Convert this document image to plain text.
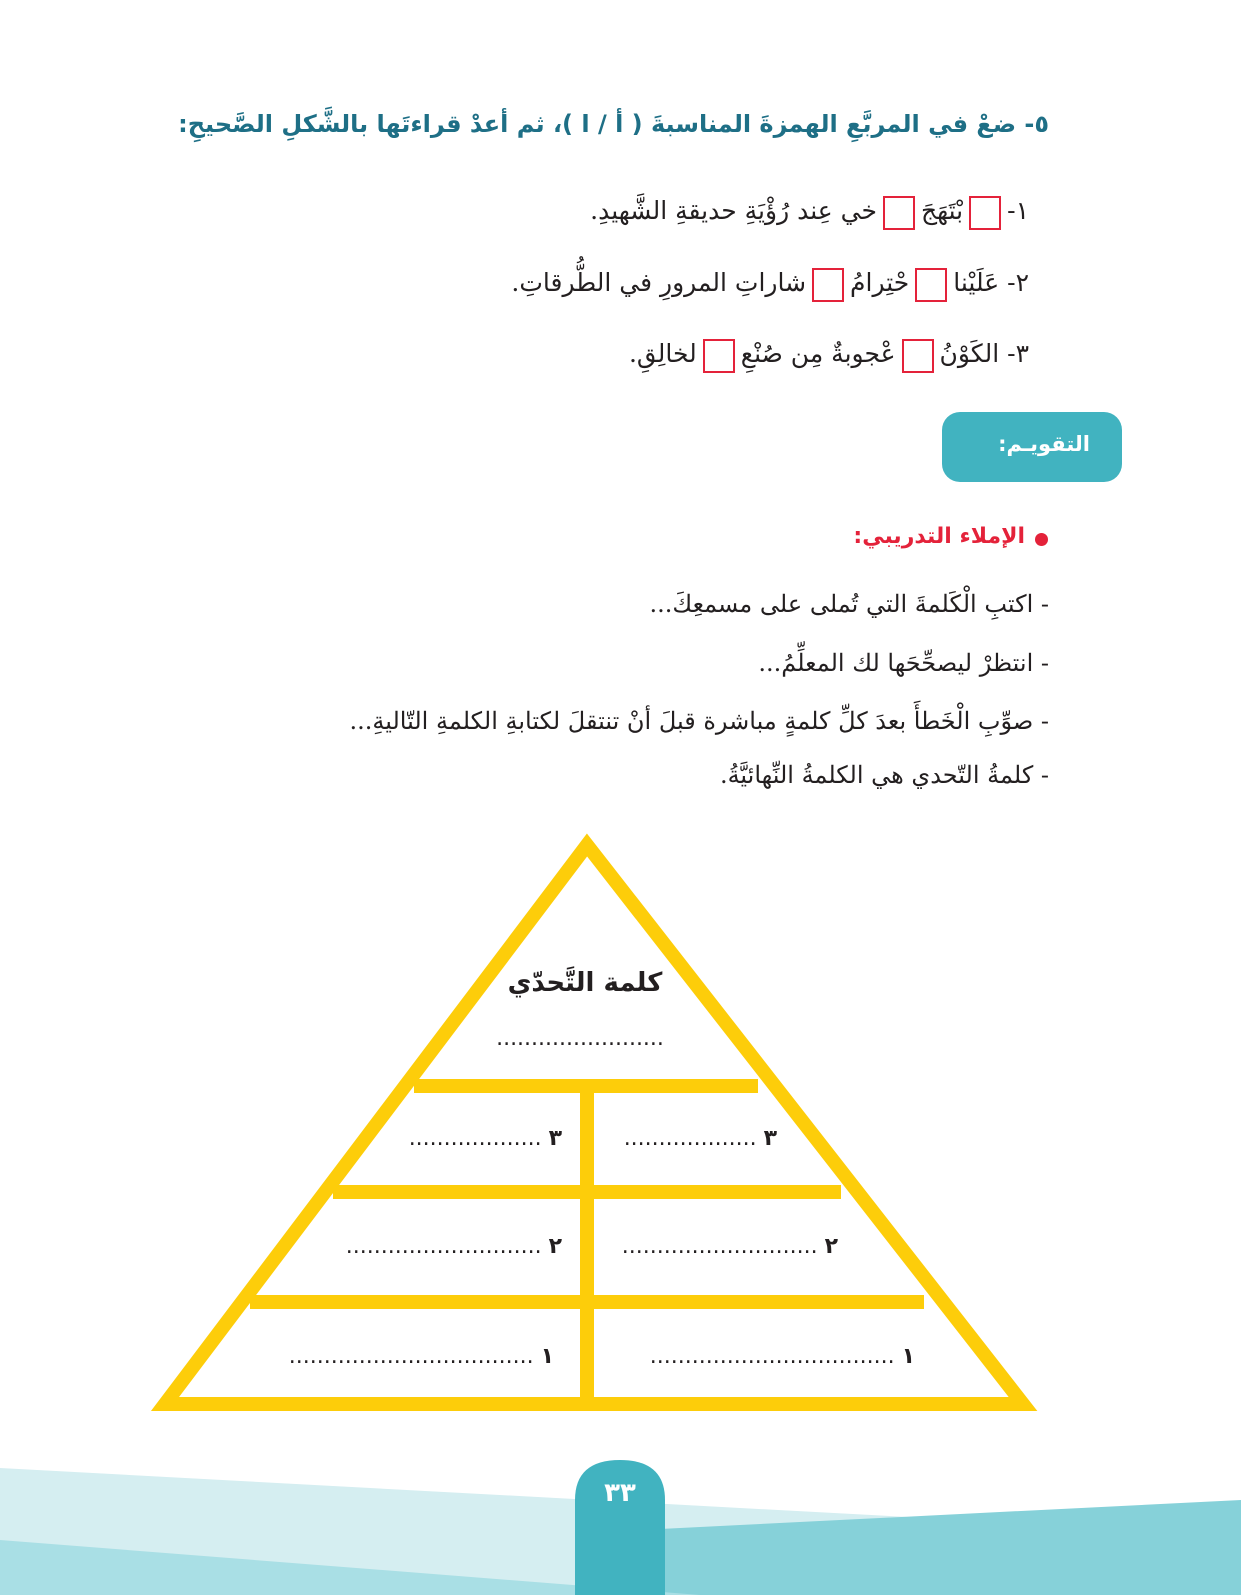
٥- ضعْ في المربَّعِ الهمزةَ المناسبةَ ( أ / ا )، ثم أعدْ قراءتَها بالشَّكلِ الصَّحيحِ:
١-بْتَهَجَخي عِند رُؤْيَةِ حديقةِ الشَّهيدِ.
٢- عَلَيْناحْتِرامُشاراتِ المرورِ في الطُّرقاتِ.
٣- الكَوْنُعْجوبةٌ مِن صُنْعِلخالِقِ.
التقويـم:
الإملاء التدريبي:
- اكتبِ الْكَلمةَ التي تُملى على مسمعِكَ...
- انتظرْ ليصحِّحَها لك المعلِّمُ...
- صوِّبِ الْخَطأَ بعدَ كلِّ كلمةٍ مباشرة قبلَ أنْ تنتقلَ لكتابةِ الكلمةِ التّاليةِ...
- كلمةُ التّحدي هي الكلمةُ النِّهائيَّةُ.
كلمة التَّحدّي
........................
٣ ...................
٣ ...................
٢ ............................
٢ ............................
١ ...................................
١ ...................................
٣٣
